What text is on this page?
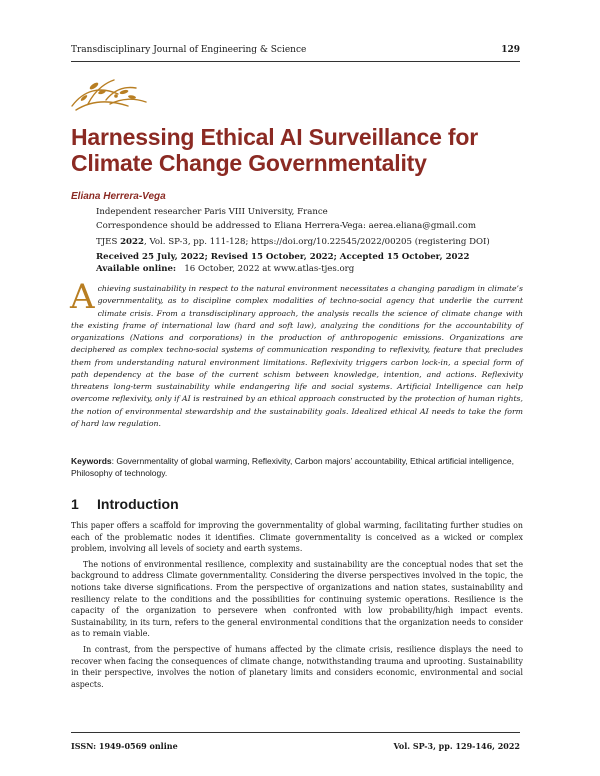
Transdisciplinary Journal of Engineering & Science	129
Harnessing Ethical AI Surveillance for
Climate Change Governmentality
Eliana Herrera-Vega
Independent researcher Paris VIII University, France
Correspondence should be addressed to Eliana Herrera-Vega: aerea.eliana@gmail.com
TJES 2022, Vol. SP-3, pp. 111-128; https://doi.org/10.22545/2022/00205 (registering DOI)
Received 25 July, 2022; Revised 15 October, 2022; Accepted 15 October, 2022
Available online: 16 October, 2022 at www.atlas-tjes.org
Achieving sustainability in respect to the natural environment necessitates a changing paradigm in climate’s governmentality, as to discipline complex modalities of techno-social agency that underlie the current climate crisis. From a transdisciplinary approach, the analysis recalls the science of climate change with the existing frame of international law (hard and soft law), analyzing the conditions for the accountability of organizations (Nations and corporations) in the production of anthropogenic emissions. Organizations are deciphered as complex techno-social systems of communication responding to reflexivity, feature that precludes them from understanding natural environment limitations. Reflexivity triggers carbon lock-in, a special form of path dependency at the base of the current schism between knowledge, intention, and actions. Reflexivity threatens long-term sustainability while endangering life and social systems. Artificial Intelligence can help overcome reflexivity, only if AI is restrained by an ethical approach constructed by the protection of human rights, the notion of environmental stewardship and the sustainability goals. Idealized ethical AI needs to take the form of hard law regulation.
Keywords: Governmentality of global warming, Reflexivity, Carbon majors’ accountability, Ethical artificial intelligence, Philosophy of technology.
1 Introduction

This paper offers a scaffold for improving the governmentality of global warming, facilitating further studies on each of the problematic nodes it identifies. Climate governmentality is conceived as a wicked or complex problem, involving all levels of society and earth systems.

The notions of environmental resilience, complexity and sustainability are the conceptual nodes that set the background to address Climate governmentality. Considering the diverse perspectives involved in the topic, the notions take diverse significations. From the perspective of organizations and nation states, sustainability and resiliency relate to the conditions and the possibilities for continuing systemic operations. Resilience is the capacity of the organization to persevere when confronted with low probability/high impact events. Sustainability, in its turn, refers to the general environmental conditions that the organization needs to consider as to remain viable.

In contrast, from the perspective of humans affected by the climate crisis, resilience displays the need to recover when facing the consequences of climate change, notwithstanding trauma and uprooting. Sustainability in their perspective, involves the notion of planetary limits and considers economic, environmental and social aspects.

ISSN: 1949-0569 online	Vol. SP-3, pp. 129-146, 2022
